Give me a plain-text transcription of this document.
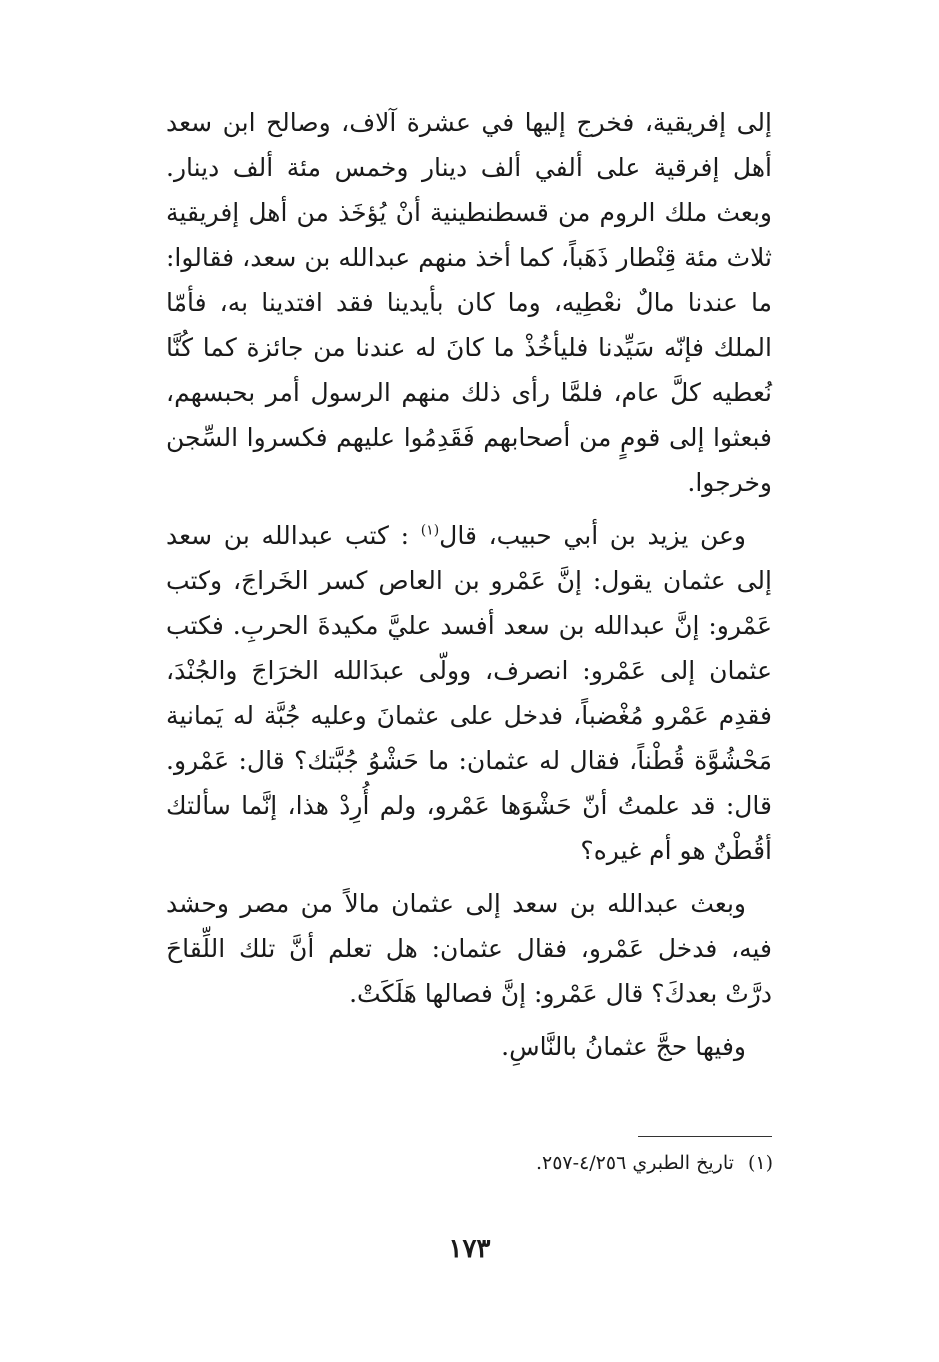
إلى إفريقية، فخرج إليها في عشرة آلاف، وصالح ابن سعد أهل إفرقية على ألفي ألف دينار وخمس مئة ألف دينار. وبعث ملك الروم من قسطنطينية أنْ يُؤخَذ من أهل إفريقية ثلاث مئة قِنْطار ذَهَباً، كما أخذ منهم عبدالله بن سعد، فقالوا: ما عندنا مالٌ نعْطِيه، وما كان بأيدينا فقد افتدينا به، فأمّا الملك فإنّه سَيِّدنا فليأخُذْ ما كانَ له عندنا من جائزة كما كُنَّا نُعطيه كلَّ عام، فلمَّا رأى ذلك منهم الرسول أمر بحبسهم، فبعثوا إلى قومٍ من أصحابهم فَقَدِمُوا عليهم فكسروا السِّجن وخرجوا.

وعن يزيد بن أبي حبيب، قال$^{(١)}$ : كتب عبدالله بن سعد إلى عثمان يقول: إنَّ عَمْرو بن العاص كسر الخَراجَ، وكتب عَمْرو: إنَّ عبدالله بن سعد أفسد عليَّ مكيدةَ الحربِ. فكتب عثمان إلى عَمْرو: انصرف، وولّى عبدَالله الخرَاجَ والجُنْدَ، فقدِم عَمْرو مُغْضباً، فدخل على عثمانَ وعليه جُبَّة له يَمانية مَحْشُوَّة قُطْناً، فقال له عثمان: ما حَشْوُ جُبَّتك؟ قال: عَمْرو. قال: قد علمتُ أنّ حَشْوَها عَمْرو، ولم أُرِدْ هذا، إنَّما سألتك أقُطْنٌ هو أم غيره؟

وبعث عبدالله بن سعد إلى عثمان مالاً من مصر وحشد فيه، فدخل عَمْرو، فقال عثمان: هل تعلم أنَّ تلك اللِّقاحَ درَّتْ بعدكَ؟ قال عَمْرو: إنَّ فصالها هَلَكَتْ.

وفيها حجَّ عثمانُ بالنَّاسِ.

(١)تاريخ الطبري ٤/٢٥٦-٢٥٧.
١٧٣
